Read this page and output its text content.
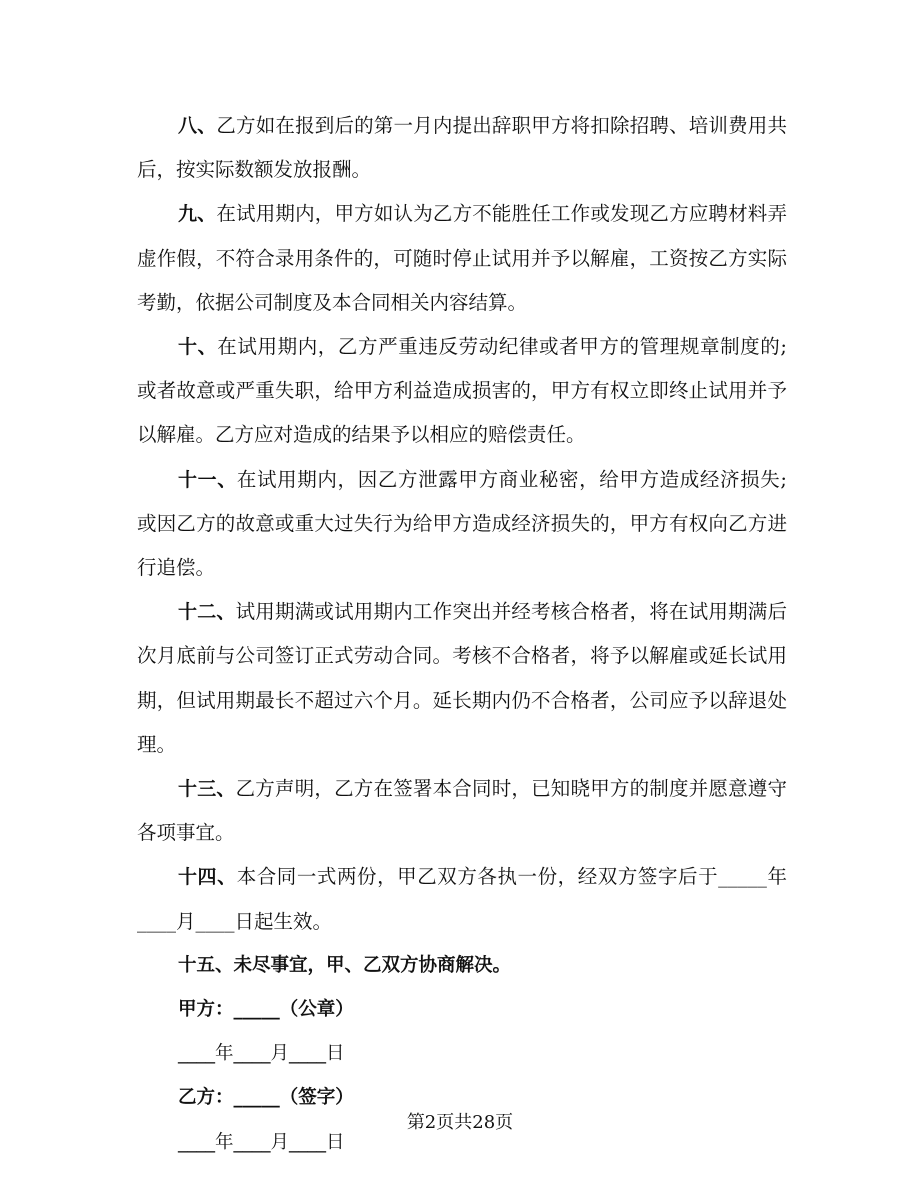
八、乙方如在报到后的第一月内提出辞职甲方将扣除招聘、培训费用共后，按实际数额发放报酬。

九、在试用期内，甲方如认为乙方不能胜任工作或发现乙方应聘材料弄虚作假，不符合录用条件的，可随时停止试用并予以解雇，工资按乙方实际考勤，依据公司制度及本合同相关内容结算。

十、在试用期内，乙方严重违反劳动纪律或者甲方的管理规章制度的;或者故意或严重失职，给甲方利益造成损害的，甲方有权立即终止试用并予以解雇。乙方应对造成的结果予以相应的赔偿责任。

十一、在试用期内，因乙方泄露甲方商业秘密，给甲方造成经济损失;或因乙方的故意或重大过失行为给甲方造成经济损失的，甲方有权向乙方进行追偿。

十二、试用期满或试用期内工作突出并经考核合格者，将在试用期满后次月底前与公司签订正式劳动合同。考核不合格者，将予以解雇或延长试用期，但试用期最长不超过六个月。延长期内仍不合格者，公司应予以辞退处理。

十三、乙方声明，乙方在签署本合同时，已知晓甲方的制度并愿意遵守各项事宜。

十四、本合同一式两份，甲乙双方各执一份，经双方签字后于_____年____月____日起生效。

十五、未尽事宜，甲、乙双方协商解决。

甲方：_____（公章）

____年____月____日

乙方：_____（签字）

____年____月____日

第2页共28页
